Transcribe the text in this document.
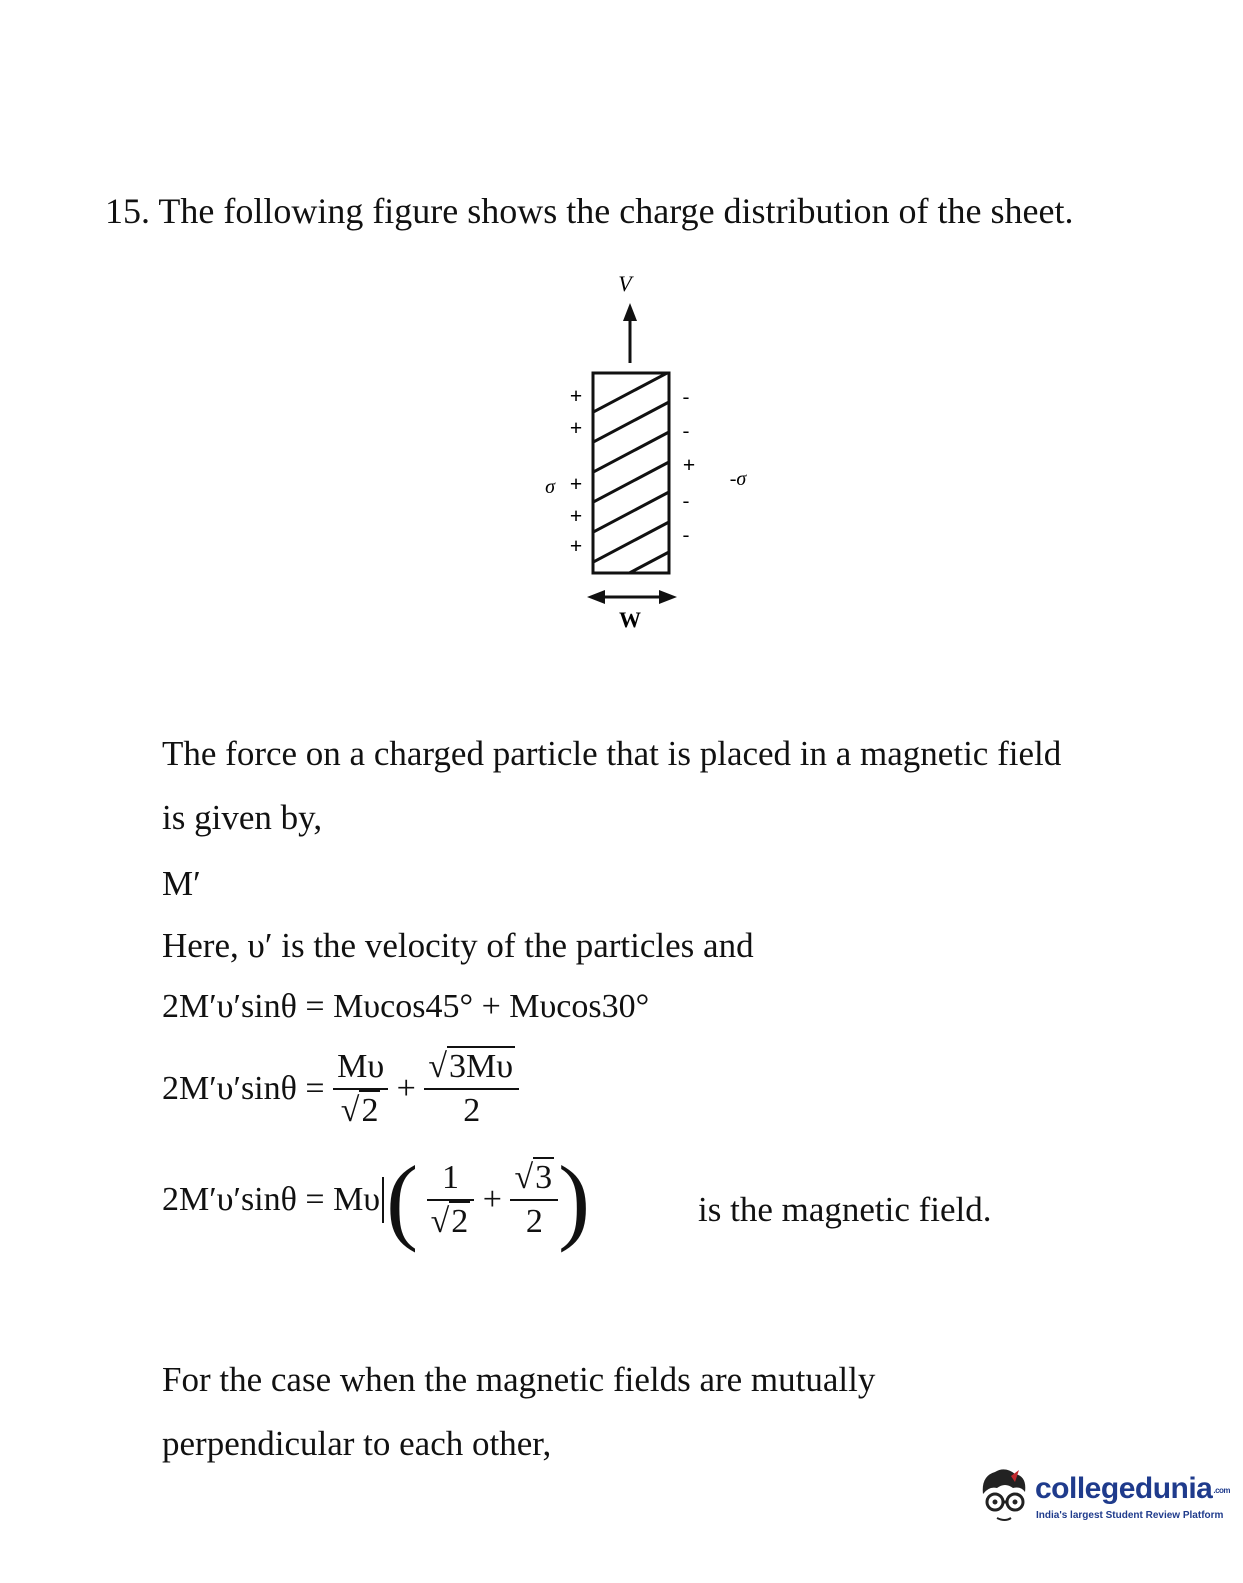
15. The following figure shows the charge distribution of the sheet.
V
+
+
+
+
+
σ
-
-
+
-
-
-σ
W
The force on a charged particle that is placed in a magnetic field
is given by,
M′
Here, υ′ is the velocity of the particles and
2M′υ′sinθ = Mυcos45° + Mυcos30°
$2M'\upsilon'\sin\theta = \frac{M\upsilon}{√2} + \frac{√3M\upsilon}{2}$
$2M'\upsilon'\sin\theta = M\upsilon( \frac{1}{√2} + \frac{√3}{2}$ )	is the magnetic field.
For the case when the magnetic fields are mutually
perpendicular to each other,
collegedunia.com
India's largest Student Review Platform
